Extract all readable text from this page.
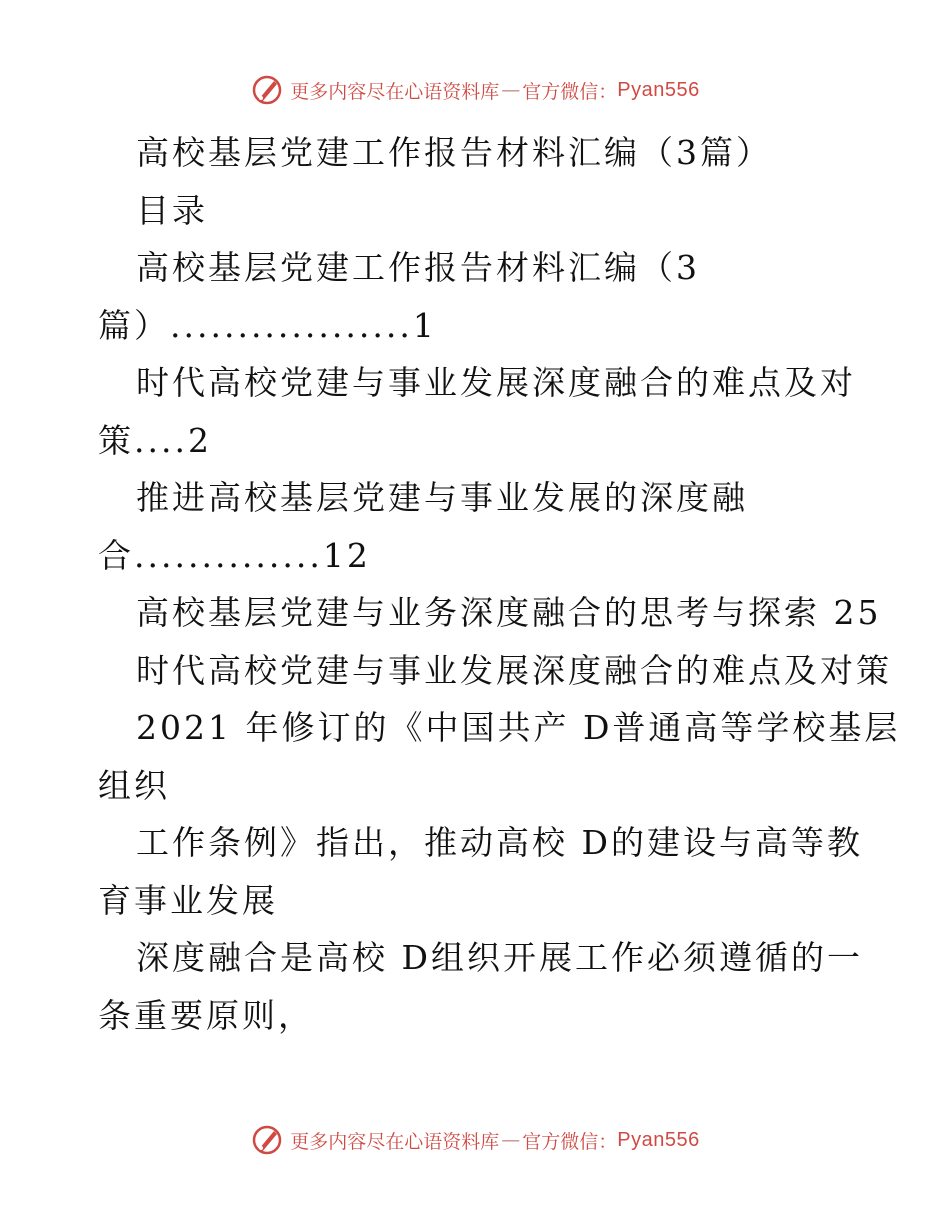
更多内容尽在心语资料库 — 官方微信： Pyan556

高校基层党建工作报告材料汇编（3篇）

目录

高校基层党建工作报告材料汇编（3

篇）..................1

时代高校党建与事业发展深度融合的难点及对

策....2

推进高校基层党建与事业发展的深度融

合..............12

高校基层党建与业务深度融合的思考与探索 25

时代高校党建与事业发展深度融合的难点及对策

2021 年修订的《中国共产 D普通高等学校基层

组织

工作条例》指出，推动高校 D的建设与高等教

育事业发展

深度融合是高校 D组织开展工作必须遵循的一

条重要原则，

更多内容尽在心语资料库 — 官方微信： Pyan556
